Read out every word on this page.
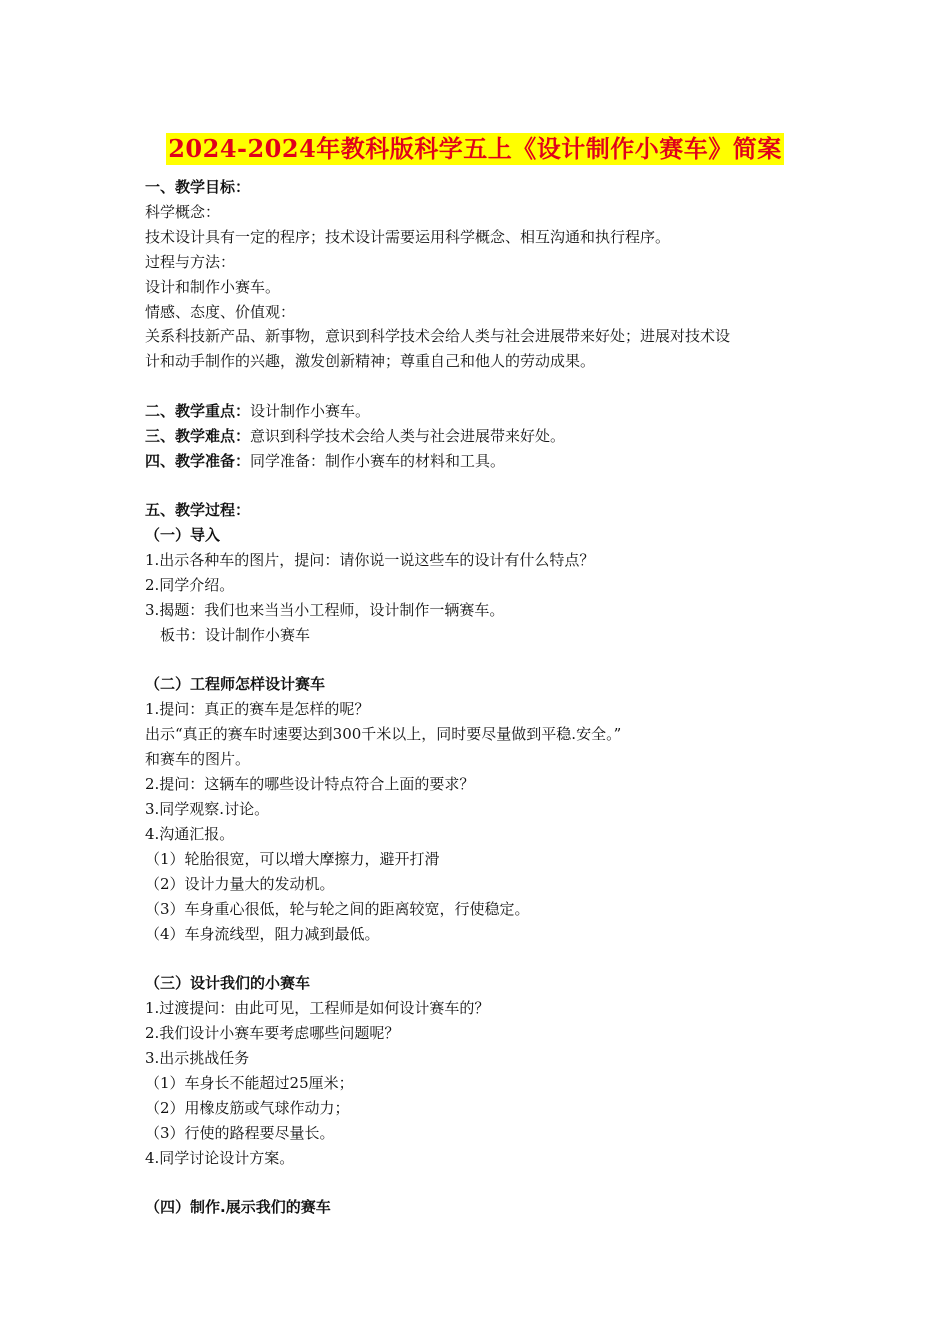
2024-2024年教科版科学五上《设计制作小赛车》简案
一、教学目标：
科学概念：
技术设计具有一定的程序；技术设计需要运用科学概念、相互沟通和执行程序。
过程与方法：
设计和制作小赛车。
情感、态度、价值观：
关系科技新产品、新事物，意识到科学技术会给人类与社会进展带来好处；进展对技术设
计和动手制作的兴趣，激发创新精神；尊重自己和他人的劳动成果。
二、教学重点：设计制作小赛车。
三、教学难点：意识到科学技术会给人类与社会进展带来好处。
四、教学准备：同学准备：制作小赛车的材料和工具。
五、教学过程：
（一）导入
1.出示各种车的图片，提问：请你说一说这些车的设计有什么特点？
2.同学介绍。
3.揭题：我们也来当当小工程师，设计制作一辆赛车。
板书：设计制作小赛车
（二）工程师怎样设计赛车
1.提问：真正的赛车是怎样的呢？
出示“真正的赛车时速要达到300千米以上，同时要尽量做到平稳.安全。”
和赛车的图片。
2.提问：这辆车的哪些设计特点符合上面的要求？
3.同学观察.讨论。
4.沟通汇报。
（1）轮胎很宽，可以增大摩擦力，避开打滑
（2）设计力量大的发动机。
（3）车身重心很低，轮与轮之间的距离较宽，行使稳定。
（4）车身流线型，阻力减到最低。
（三）设计我们的小赛车
1.过渡提问：由此可见，工程师是如何设计赛车的？
2.我们设计小赛车要考虑哪些问题呢？
3.出示挑战任务
（1）车身长不能超过25厘米；
（2）用橡皮筋或气球作动力；
（3）行使的路程要尽量长。
4.同学讨论设计方案。
（四）制作.展示我们的赛车
